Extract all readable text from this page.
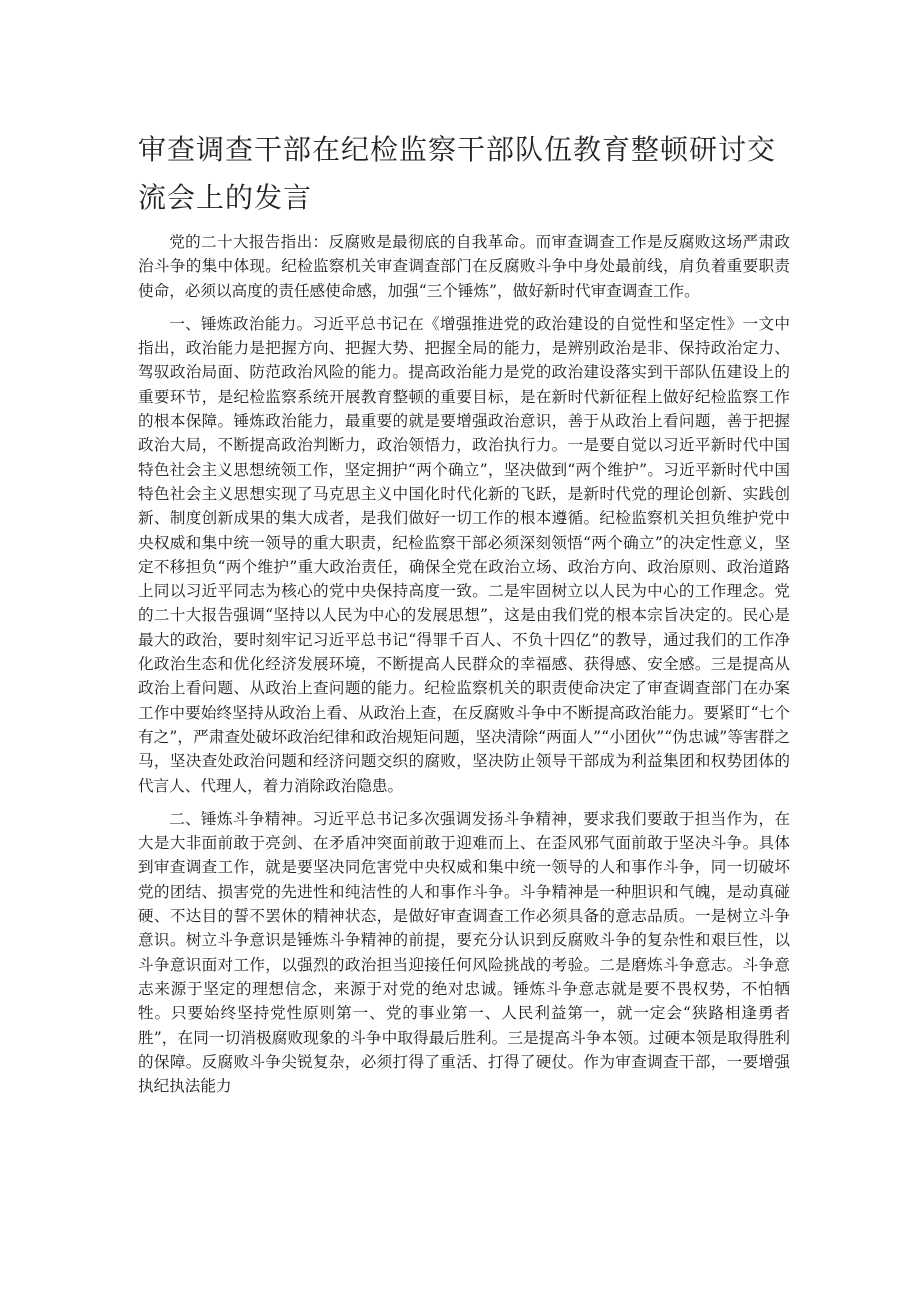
审查调查干部在纪检监察干部队伍教育整顿研讨交流会上的发言

党的二十大报告指出：反腐败是最彻底的自我革命。而审查调查工作是反腐败这场严肃政治斗争的集中体现。纪检监察机关审查调查部门在反腐败斗争中身处最前线，肩负着重要职责使命，必须以高度的责任感使命感，加强“三个锤炼”，做好新时代审查调查工作。

一、锤炼政治能力。习近平总书记在《增强推进党的政治建设的自觉性和坚定性》一文中指出，政治能力是把握方向、把握大势、把握全局的能力，是辨别政治是非、保持政治定力、驾驭政治局面、防范政治风险的能力。提高政治能力是党的政治建设落实到干部队伍建设上的重要环节，是纪检监察系统开展教育整顿的重要目标，是在新时代新征程上做好纪检监察工作的根本保障。锤炼政治能力，最重要的就是要增强政治意识，善于从政治上看问题，善于把握政治大局，不断提高政治判断力，政治领悟力，政治执行力。一是要自觉以习近平新时代中国特色社会主义思想统领工作，坚定拥护“两个确立”，坚决做到“两个维护”。习近平新时代中国特色社会主义思想实现了马克思主义中国化时代化新的飞跃，是新时代党的理论创新、实践创新、制度创新成果的集大成者，是我们做好一切工作的根本遵循。纪检监察机关担负维护党中央权威和集中统一领导的重大职责，纪检监察干部必须深刻领悟“两个确立”的决定性意义，坚定不移担负“两个维护”重大政治责任，确保全党在政治立场、政治方向、政治原则、政治道路上同以习近平同志为核心的党中央保持高度一致。二是牢固树立以人民为中心的工作理念。党的二十大报告强调“坚持以人民为中心的发展思想”，这是由我们党的根本宗旨决定的。民心是最大的政治，要时刻牢记习近平总书记“得罪千百人、不负十四亿”的教导，通过我们的工作净化政治生态和优化经济发展环境，不断提高人民群众的幸福感、获得感、安全感。三是提高从政治上看问题、从政治上查问题的能力。纪检监察机关的职责使命决定了审查调查部门在办案工作中要始终坚持从政治上看、从政治上查，在反腐败斗争中不断提高政治能力。要紧盯“七个有之”，严肃查处破坏政治纪律和政治规矩问题，坚决清除“两面人”“小团伙”“伪忠诚”等害群之马，坚决查处政治问题和经济问题交织的腐败，坚决防止领导干部成为利益集团和权势团体的代言人、代理人，着力消除政治隐患。

二、锤炼斗争精神。习近平总书记多次强调发扬斗争精神，要求我们要敢于担当作为，在大是大非面前敢于亮剑、在矛盾冲突面前敢于迎难而上、在歪风邪气面前敢于坚决斗争。具体到审查调查工作，就是要坚决同危害党中央权威和集中统一领导的人和事作斗争，同一切破坏党的团结、损害党的先进性和纯洁性的人和事作斗争。斗争精神是一种胆识和气魄，是动真碰硬、不达目的誓不罢休的精神状态，是做好审查调查工作必须具备的意志品质。一是树立斗争意识。树立斗争意识是锤炼斗争精神的前提，要充分认识到反腐败斗争的复杂性和艰巨性，以斗争意识面对工作，以强烈的政治担当迎接任何风险挑战的考验。二是磨炼斗争意志。斗争意志来源于坚定的理想信念，来源于对党的绝对忠诚。锤炼斗争意志就是要不畏权势，不怕牺牲。只要始终坚持党性原则第一、党的事业第一、人民利益第一，就一定会“狭路相逢勇者胜”，在同一切消极腐败现象的斗争中取得最后胜利。三是提高斗争本领。过硬本领是取得胜利的保障。反腐败斗争尖锐复杂，必须打得了重活、打得了硬仗。作为审查调查干部，一要增强执纪执法能力
